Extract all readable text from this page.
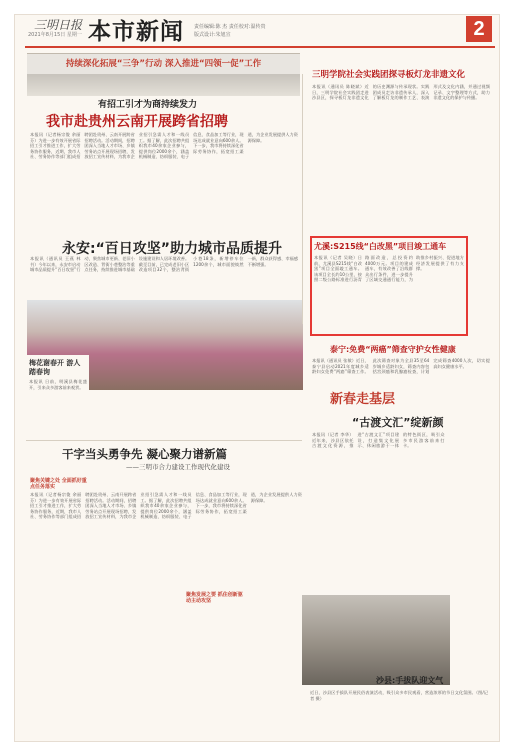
三明日报
2021年8月15日 星期一 本市新闻 责任编辑:陈 杰 责任校对:温传贵
版式设计:朱旭宣	2
持续深化拓展“三争”行动 深入推进“四领一促”工作
有招工引才为商持续发力
我市赴贵州云南开展跨省招聘
本报讯（记者杨宗俊 余丽芬）为进一步有效开展省际招工引才推进工作，扩大劳务协作服务，近期，我市人社、劳务协作等部门组成招聘团赴贵州、云南开展跨省招聘活动。活动期间，招聘团深入当地人才市场、乡镇劳务站点开展现场招聘，发放招工宣传材料，为我市企业招引急需人才和一线员工。据了解，此次招聘共组织我市40余家企业参与，提供岗位2000余个，涵盖机械制造、纺织服装、电子信息、食品加工等行业，现场达成就业意向600余人。下一步，我市将持续深化省际劳务协作，拓宽招工渠道，为企业发展提供人力资源保障。
永安:“百日攻坚”助力城市品质提升
本报讯（通讯员 王燕 林书）今年以来，永安市启动城市品质提升“百日攻坚”行动，聚焦城市更新、老旧小区改造、背街小巷整治等重点任务，持续推进城市基础设施建设和人居环境改善。截至目前，已完成老旧小区改造项目32个，整治背街小巷18条，新增停车位1200余个，城市面貌焕然一新，群众获得感、幸福感不断增强。
梅花谢春开 游人踏春询
本报讯 日前，明溪县梅花盛开，引来众多游客前来观赏。
三明学院社会实践团探寻板灯龙非遗文化
本报讯（通讯员 陈晓斌）近日，三明学院社会实践团走进沙县区，探寻板灯龙非遗文化的历史渊源与传承现状。实践团成员走访非遗传承人，深入了解板灯龙的制作工艺、表演形式及文化内涵，并通过视频记录、文字整理等方式，助力非遗文化的保护与传播。
尤溪:S215线“白改黑”项目竣工通车
本报讯（记者 吴晓）日前，尤溪县S215线“白改黑”项目全面竣工通车。该项目全长约10公里，按照二级公路标准进行沥青路面改造，总投资约4000万元。项目的建成通车，有效改善了沿线群众出行条件，进一步提升了区域交通通行能力，为助推乡村振兴、促进地方经济发展提供了有力支撑。
泰宁:免费“两癌”筛查守护女性健康
本报讯（通讯员 张敏）近日，泰宁县启动2021年度城乡适龄妇女免费“两癌”筛查工作。此次筛查对象为全县35至64岁城乡适龄妇女，筛查内容包括宫颈癌和乳腺癌检查，计划完成筛查4000人次，切实提高妇女健康水平。
新春走基层
“古渡文汇”绽新颜
本报讯（记者 李华）近年来，沙县区依托古渡文化资源，推进“古渡文汇”项目建设，打造集文化展示、休闲旅游于一体的特色街区，吸引众多市民游客前来打卡。
干字当头勇争先 凝心聚力谱新篇
——三明市合力建设工作现代化建设
聚焦关键之处 全面抓好重点任务落实
本报讯（记者杨宗俊 余丽芬）为进一步有效开展省际招工引才推进工作，扩大劳务协作服务，近期，我市人社、劳务协作等部门组成招聘团赴贵州、云南开展跨省招聘活动。活动期间，招聘团深入当地人才市场、乡镇劳务站点开展现场招聘，发放招工宣传材料，为我市企业招引急需人才和一线员工。据了解，此次招聘共组织我市40余家企业参与，提供岗位2000余个，涵盖机械制造、纺织服装、电子信息、食品加工等行业，现场达成就业意向600余人。下一步，我市将持续深化省际劳务协作，拓宽招工渠道，为企业发展提供人力资源保障。
聚焦发展之要 抓住创新驱动主动攻坚
沙县:手拔队迎文气
近日，沙县区手拔队开展民俗表演活动，吸引众多市民观看，营造浓厚的节日文化氛围。（图/记者 摄）
